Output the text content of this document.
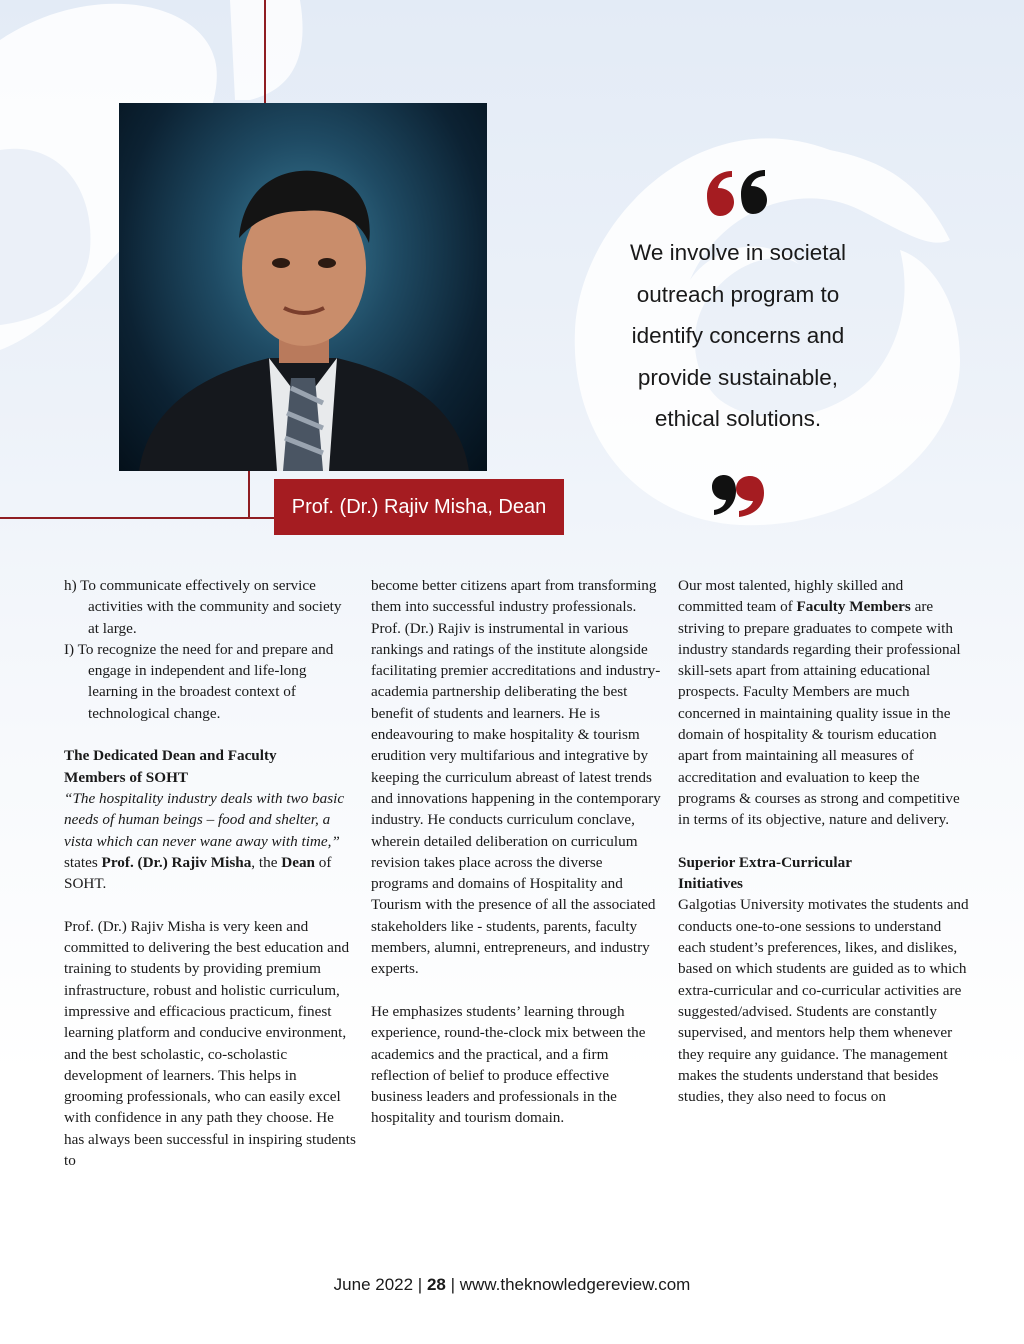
Prof. (Dr.) Rajiv Misha, Dean

We involve in societal
outreach program to
identify concerns and
provide sustainable,
ethical solutions.

h) To communicate effectively on service activities with the community and society at large.

I) To recognize the need for and prepare and engage in independent and life-long learning in the broadest context of technological change.

The Dedicated Dean and Faculty
Members of SOHT

“The hospitality industry deals with two basic needs of human beings – food and shelter, a vista which can never wane away with time,” states Prof. (Dr.) Rajiv Misha, the Dean of SOHT.

Prof. (Dr.) Rajiv Misha is very keen and committed to delivering the best education and training to students by providing premium infrastructure, robust and holistic curriculum, impressive and efficacious practicum, finest learning platform and conducive environment, and the best scholastic, co-scholastic development of learners. This helps in grooming professionals, who can easily excel with confidence in any path they choose. He has always been successful in inspiring students to

become better citizens apart from transforming them into successful industry professionals. Prof. (Dr.) Rajiv is instrumental in various rankings and ratings of the institute alongside facilitating premier accreditations and industry-academia partnership deliberating the best benefit of students and learners. He is endeavouring to make hospitality & tourism erudition very multifarious and integrative by keeping the curriculum abreast of latest trends and innovations happening in the contemporary industry. He conducts curriculum conclave, wherein detailed deliberation on curriculum revision takes place across the diverse programs and domains of Hospitality and Tourism with the presence of all the associated stakeholders like - students, parents, faculty members, alumni, entrepreneurs, and industry experts.

He emphasizes students’ learning through experience, round-the-clock mix between the academics and the practical, and a firm reflection of belief to produce effective business leaders and professionals in the hospitality and tourism domain.

Our most talented, highly skilled and committed team of Faculty Members are striving to prepare graduates to compete with industry standards regarding their professional skill-sets apart from attaining educational prospects. Faculty Members are much concerned in maintaining quality issue in the domain of hospitality & tourism education apart from maintaining all measures of accreditation and evaluation to keep the programs & courses as strong and competitive in terms of its objective, nature and delivery.

Superior Extra-Curricular
Initiatives

Galgotias University motivates the students and conducts one-to-one sessions to understand each student’s preferences, likes, and dislikes, based on which students are guided as to which extra-curricular and co-curricular activities are suggested/advised. Students are constantly supervised, and mentors help them whenever they require any guidance. The management makes the students understand that besides studies, they also need to focus on

June 2022 | 28 | www.theknowledgereview.com
